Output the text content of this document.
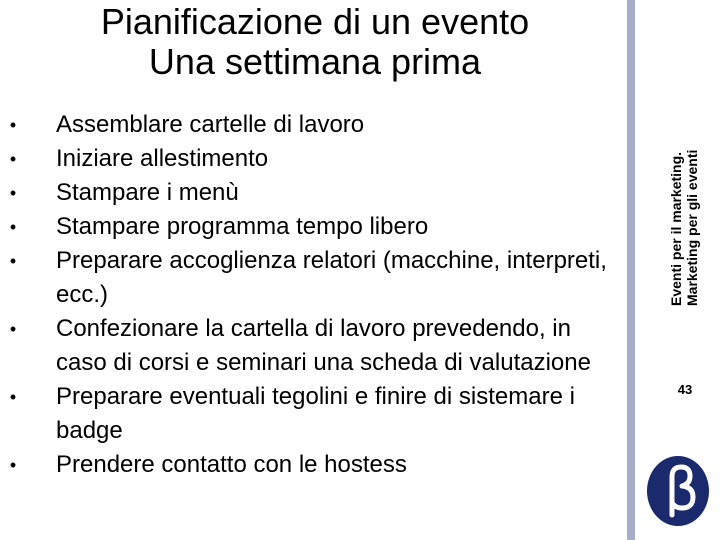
Pianificazione di un evento
Una settimana prima
• Assemblare cartelle di lavoro
• Iniziare allestimento
• Stampare i menù
• Stampare programma tempo libero
• Preparare accoglienza relatori (macchine, interpreti, ecc.)
• Confezionare la cartella di lavoro prevedendo, in caso di corsi e seminari una scheda di valutazione
• Preparare eventuali tegolini e finire di sistemare i badge
• Prendere contatto con le hostess
Eventi per il marketing. Marketing per gli eventi
43
